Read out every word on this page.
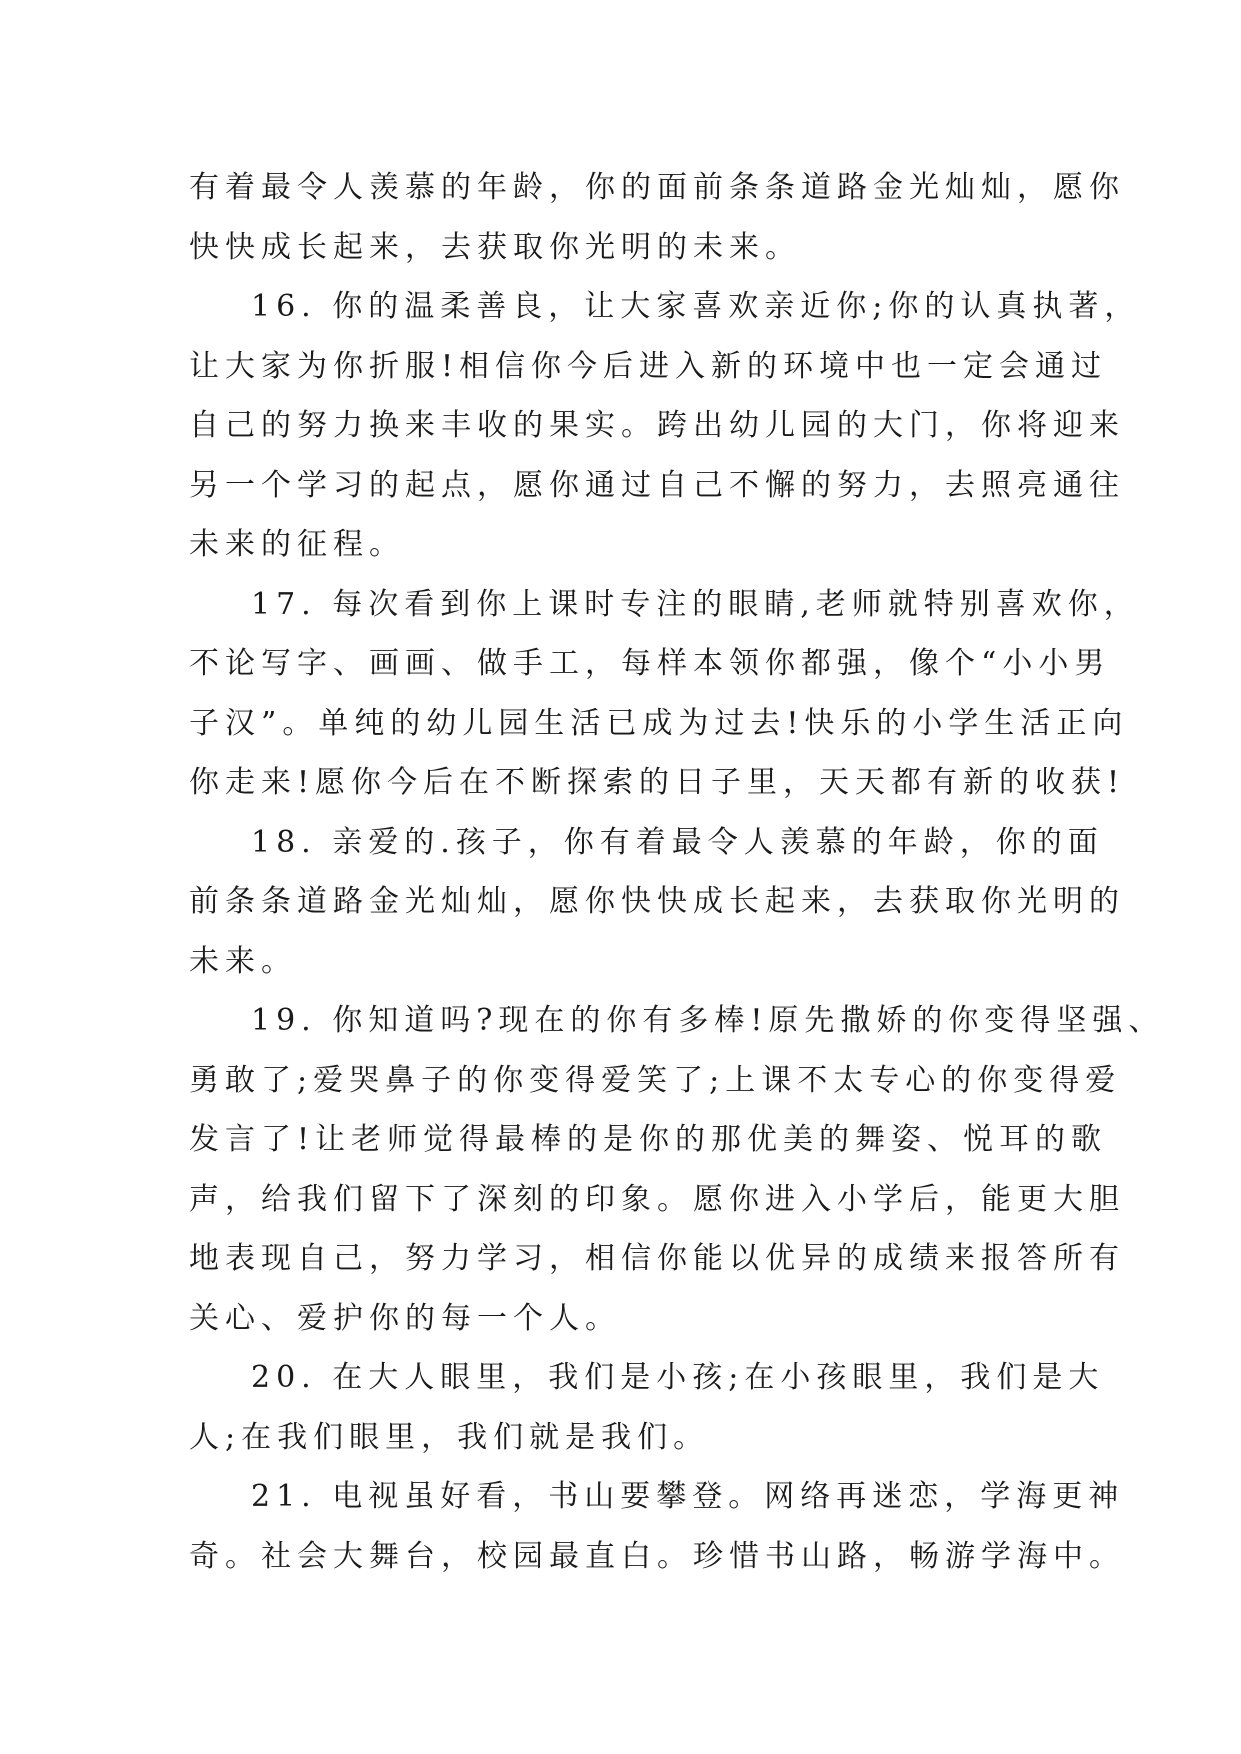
有着最令人羡慕的年龄，你的面前条条道路金光灿灿，愿你
快快成长起来，去获取你光明的未来。

16. 你的温柔善良，让大家喜欢亲近你;你的认真执著，
让大家为你折服!相信你今后进入新的环境中也一定会通过
自己的努力换来丰收的果实。跨出幼儿园的大门，你将迎来
另一个学习的起点，愿你通过自己不懈的努力，去照亮通往
未来的征程。

17. 每次看到你上课时专注的眼睛,老师就特别喜欢你，
不论写字、画画、做手工，每样本领你都强，像个“小小男
子汉”。单纯的幼儿园生活已成为过去!快乐的小学生活正向
你走来!愿你今后在不断探索的日子里，天天都有新的收获!

18. 亲爱的.孩子，你有着最令人羡慕的年龄，你的面
前条条道路金光灿灿，愿你快快成长起来，去获取你光明的
未来。

19. 你知道吗?现在的你有多棒!原先撒娇的你变得坚强、
勇敢了;爱哭鼻子的你变得爱笑了;上课不太专心的你变得爱
发言了!让老师觉得最棒的是你的那优美的舞姿、悦耳的歌
声，给我们留下了深刻的印象。愿你进入小学后，能更大胆
地表现自己，努力学习，相信你能以优异的成绩来报答所有
关心、爱护你的每一个人。

20. 在大人眼里，我们是小孩;在小孩眼里，我们是大
人;在我们眼里，我们就是我们。

21. 电视虽好看，书山要攀登。网络再迷恋，学海更神
奇。社会大舞台，校园最直白。珍惜书山路，畅游学海中。
